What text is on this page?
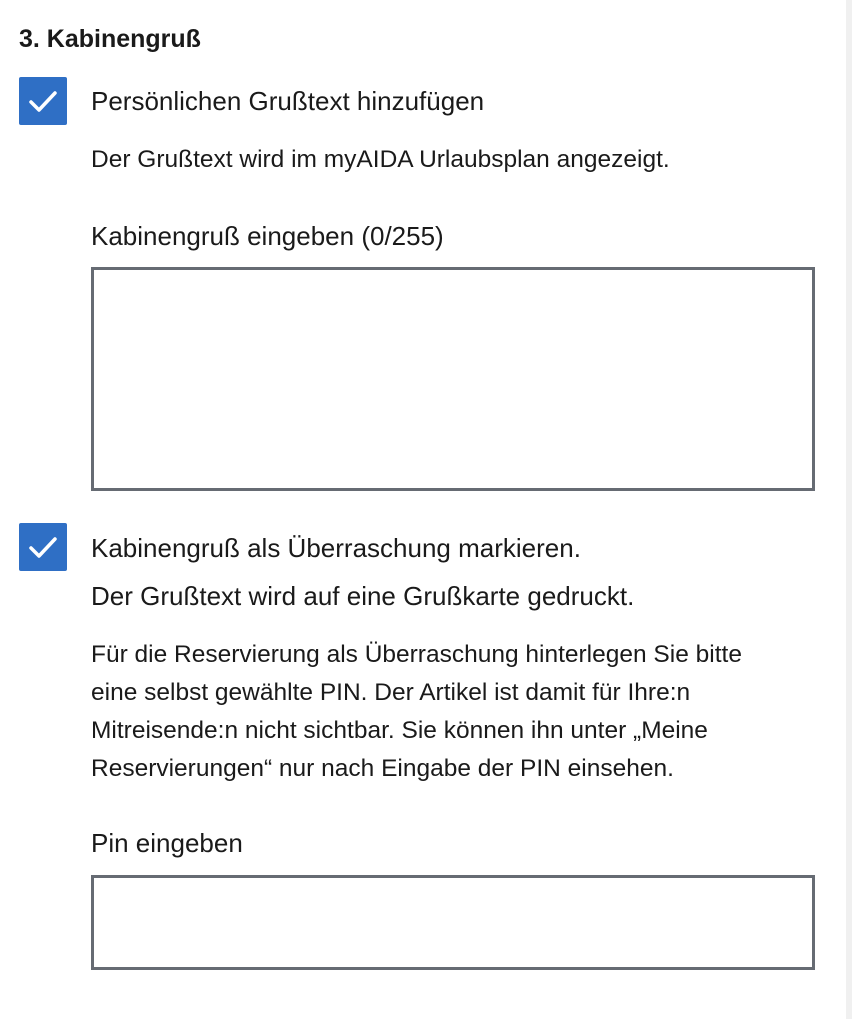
3. Kabinengruß
Persönlichen Grußtext hinzufügen
Der Grußtext wird im myAIDA Urlaubsplan angezeigt.
Kabinengruß eingeben (0/255)
Kabinengruß als Überraschung markieren.
Der Grußtext wird auf eine Grußkarte gedruckt.
Für die Reservierung als Überraschung hinterlegen Sie bitte
eine selbst gewählte PIN. Der Artikel ist damit für Ihre:n
Mitreisende:n nicht sichtbar. Sie können ihn unter „Meine
Reservierungen“ nur nach Eingabe der PIN einsehen.
Pin eingeben
